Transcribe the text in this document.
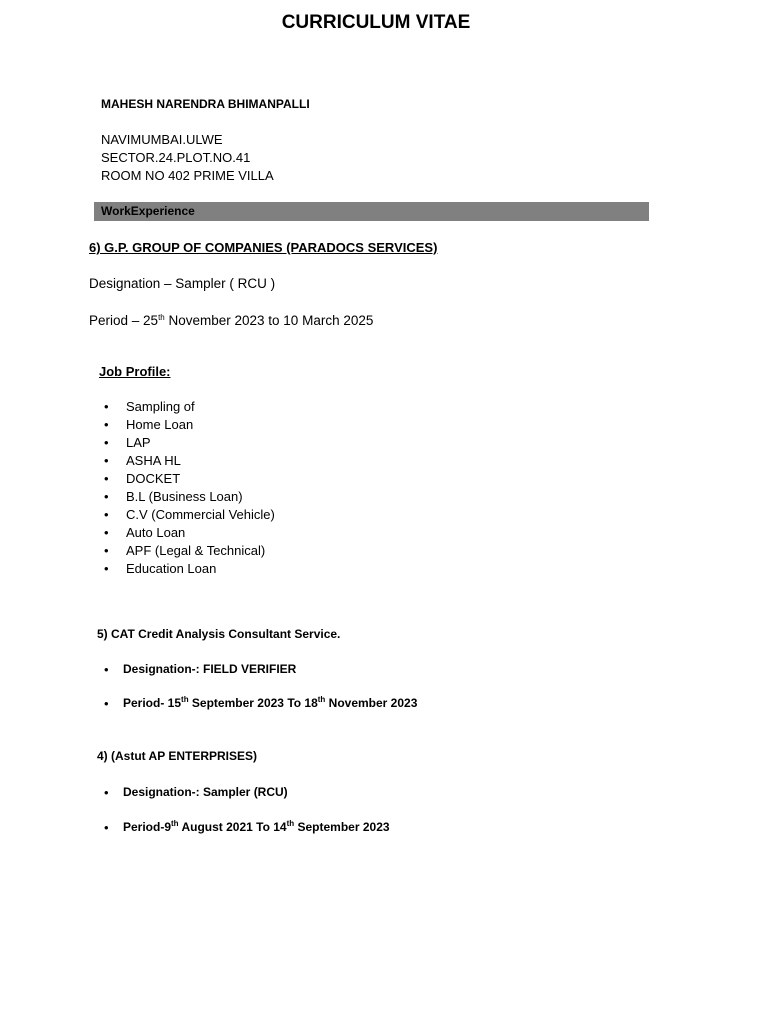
CURRICULUM VITAE
MAHESH NARENDRA BHIMANPALLI
NAVIMUMBAI.ULWE
SECTOR.24.PLOT.NO.41
ROOM NO 402 PRIME VILLA
WorkExperience
6) G.P. GROUP OF COMPANIES (PARADOCS SERVICES)
Designation – Sampler ( RCU )
Period – 25th November 2023 to 10 March 2025
Job Profile:
• Sampling of
• Home Loan
• LAP
• ASHA HL
• DOCKET
• B.L (Business Loan)
• C.V (Commercial Vehicle)
• Auto Loan
• APF (Legal & Technical)
• Education Loan
5) CAT Credit Analysis Consultant Service.
• Designation-: FIELD VERIFIER
• Period- 15th September 2023 To 18th November 2023
4) (Astut AP ENTERPRISES)
• Designation-: Sampler (RCU)
• Period-9th August 2021 To 14th September 2023
